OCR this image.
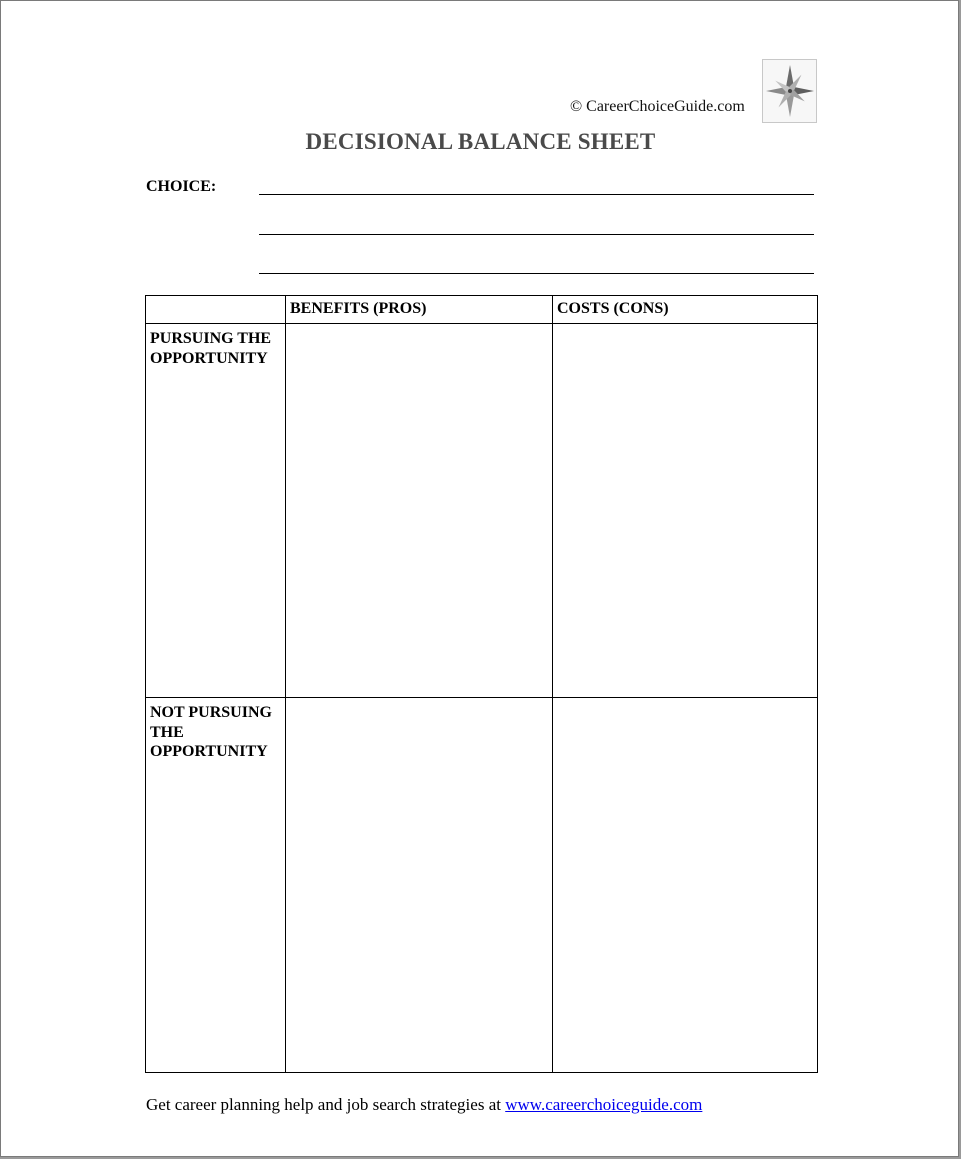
© CareerChoiceGuide.com
DECISIONAL BALANCE SHEET
CHOICE:

	BENEFITS (PROS)	COSTS (CONS)

PURSUING THE OPPORTUNITY		

NOT PURSUING THE OPPORTUNITY		

Get career planning help and job search strategies at www.careerchoiceguide.com
